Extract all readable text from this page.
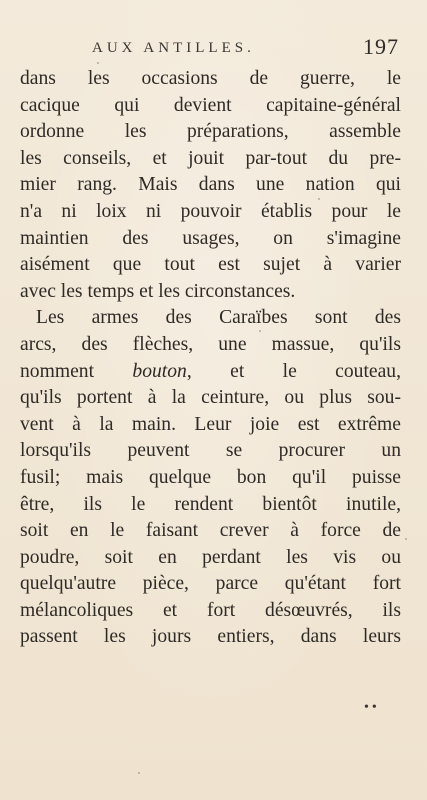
AUX ANTILLES.	197
dans les occasions de guerre, le
cacique qui devient capitaine-général
ordonne les préparations, assemble
les conseils, et jouit par-tout du pre-
mier rang. Mais dans une nation qui
n'a ni loix ni pouvoir établis pour le
maintien des usages, on s'imagine
aisément que tout est sujet à varier
avec les temps et les circonstances.
Les armes des Caraïbes sont des
arcs, des flèches, une massue, qu'ils
nomment bouton, et le couteau,
qu'ils portent à la ceinture, ou plus sou-
vent à la main. Leur joie est extrême
lorsqu'ils peuvent se procurer un
fusil; mais quelque bon qu'il puisse
être, ils le rendent bientôt inutile,
soit en le faisant crever à force de
poudre, soit en perdant les vis ou
quelqu'autre pièce, parce qu'étant fort
mélancoliques et fort désœuvrés, ils
passent les jours entiers, dans leurs
••
